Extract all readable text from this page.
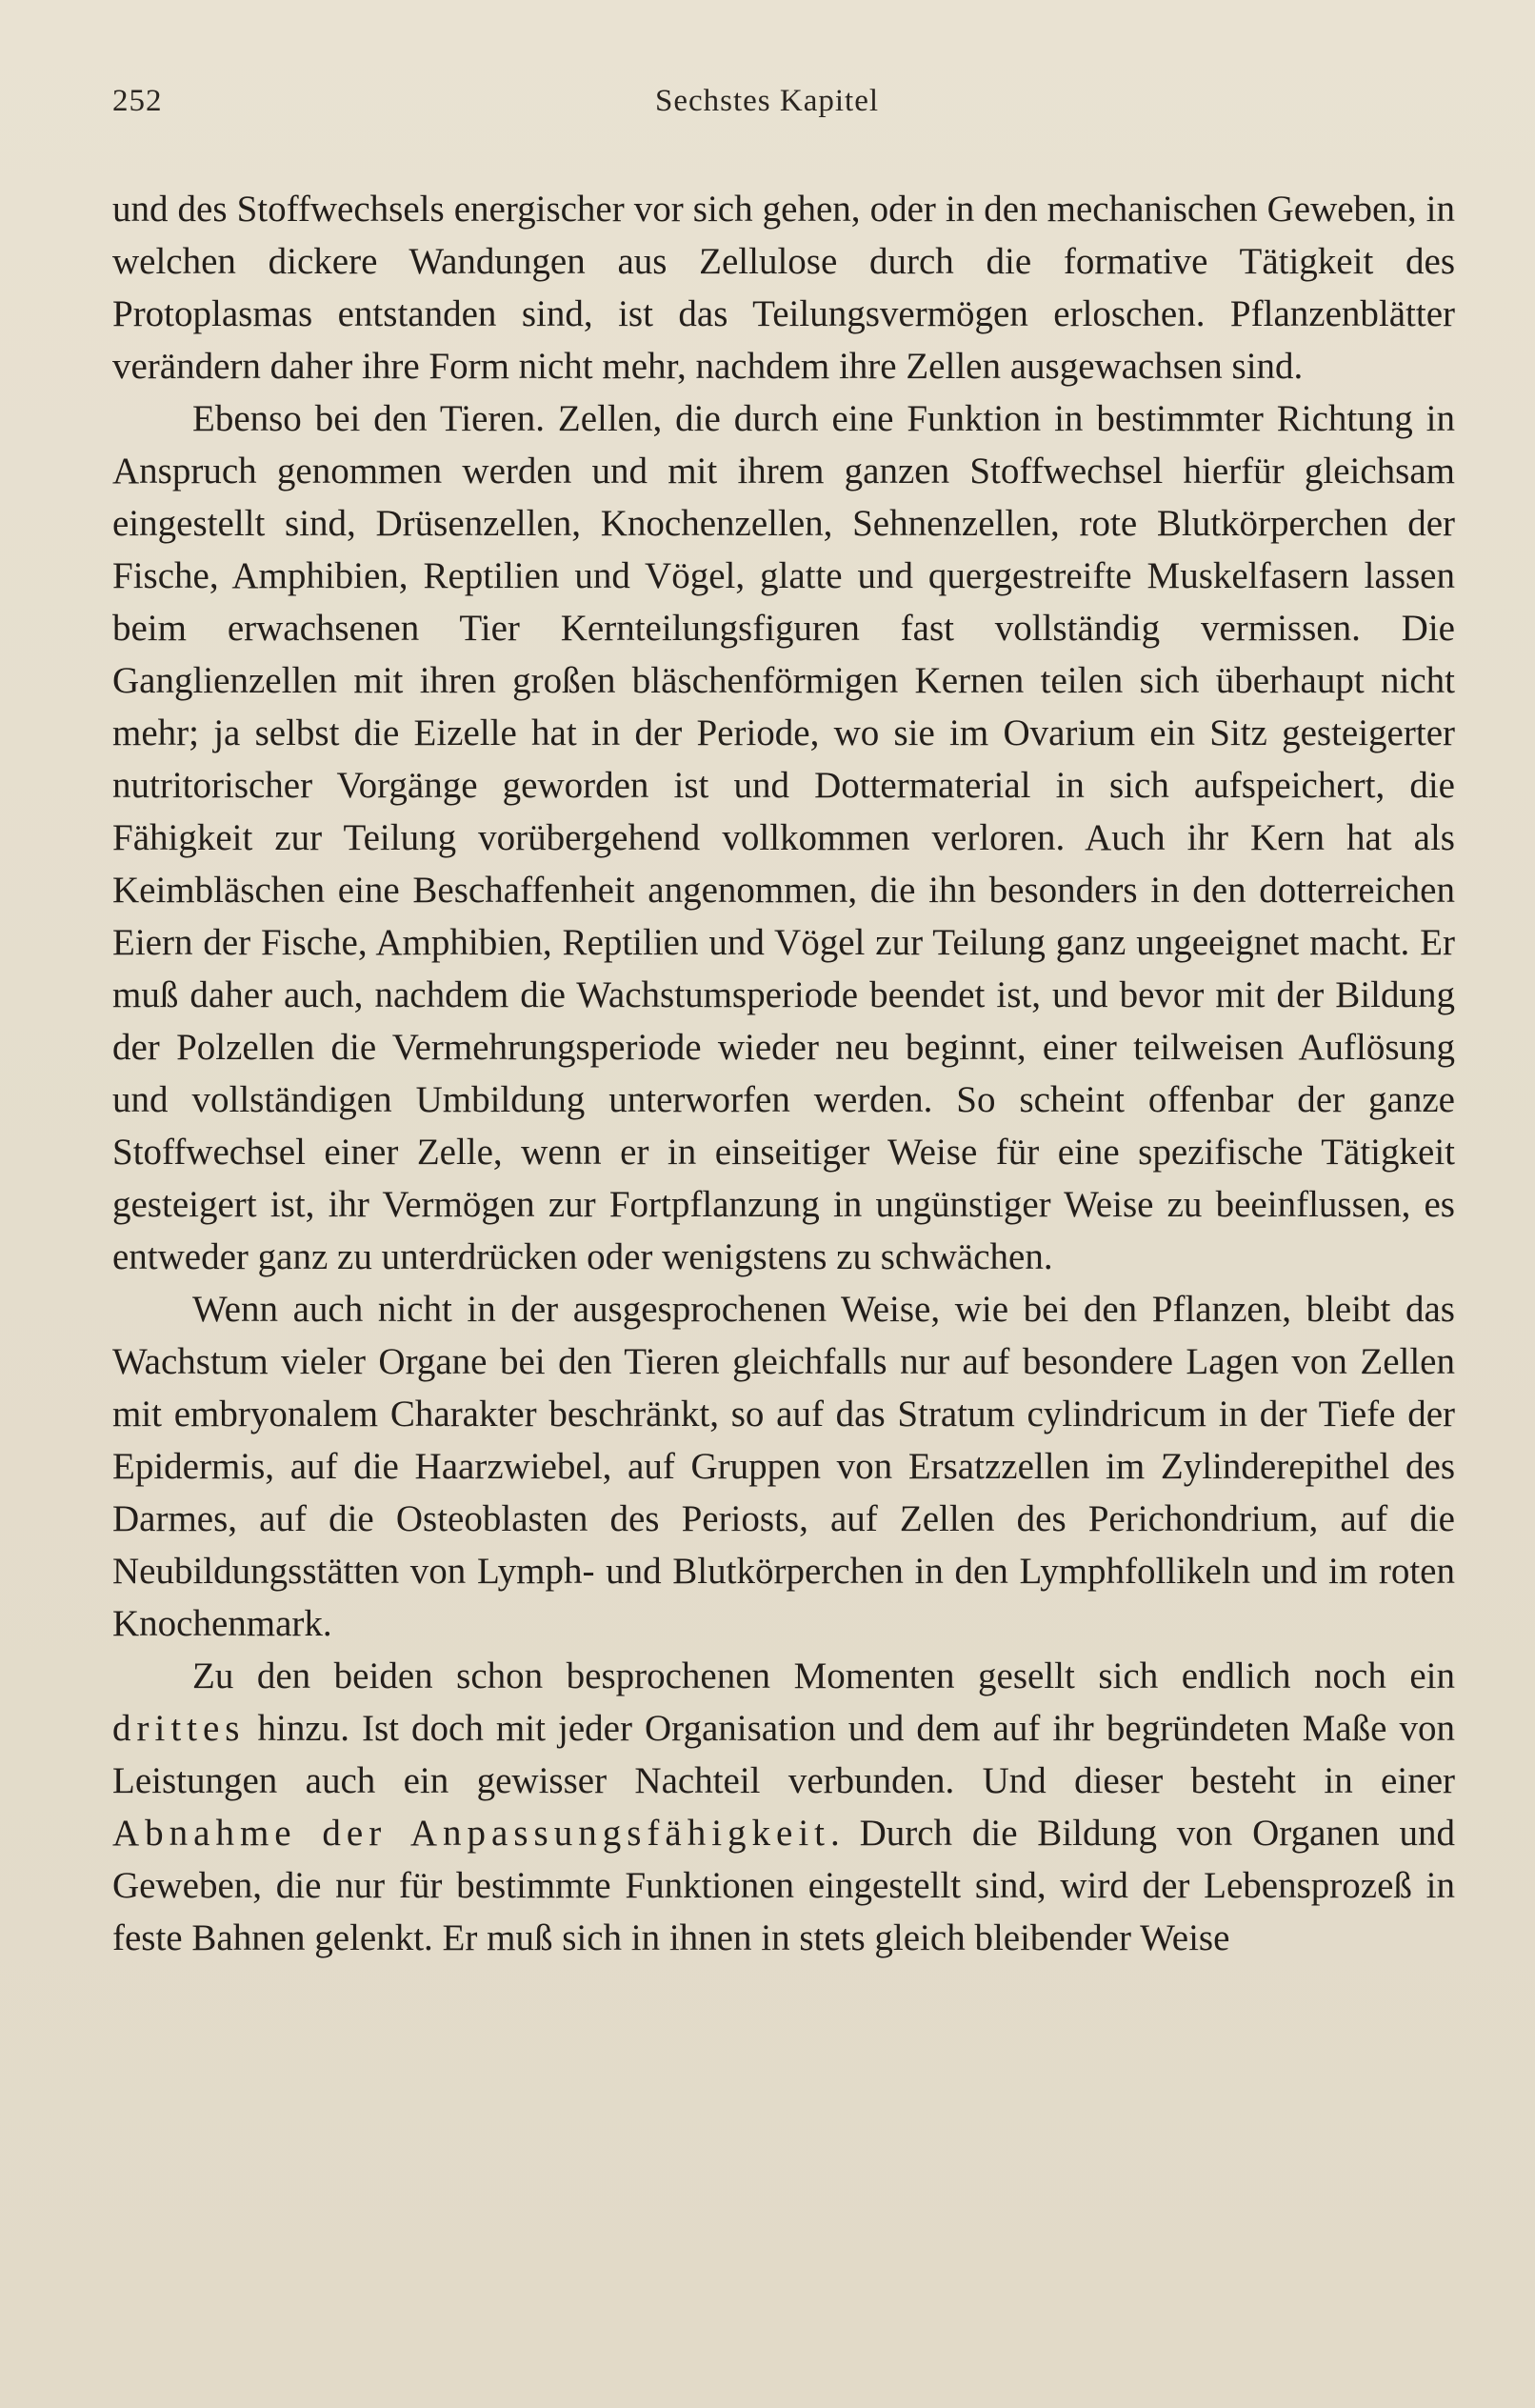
252	Sechstes Kapitel

und des Stoffwechsels energischer vor sich gehen, oder in den mechanischen Geweben, in welchen dickere Wandungen aus Zellulose durch die formative Tätigkeit des Protoplasmas entstanden sind, ist das Teilungsvermögen erloschen. Pflanzenblätter verändern daher ihre Form nicht mehr, nachdem ihre Zellen ausgewachsen sind.

Ebenso bei den Tieren. Zellen, die durch eine Funktion in bestimmter Richtung in Anspruch genommen werden und mit ihrem ganzen Stoffwechsel hierfür gleichsam eingestellt sind, Drüsenzellen, Knochenzellen, Sehnenzellen, rote Blutkörperchen der Fische, Amphibien, Reptilien und Vögel, glatte und quergestreifte Muskelfasern lassen beim erwachsenen Tier Kernteilungsfiguren fast vollständig vermissen. Die Ganglienzellen mit ihren großen bläschenförmigen Kernen teilen sich überhaupt nicht mehr; ja selbst die Eizelle hat in der Periode, wo sie im Ovarium ein Sitz gesteigerter nutritorischer Vorgänge geworden ist und Dottermaterial in sich aufspeichert, die Fähigkeit zur Teilung vorübergehend vollkommen verloren. Auch ihr Kern hat als Keimbläschen eine Beschaffenheit angenommen, die ihn besonders in den dotterreichen Eiern der Fische, Amphibien, Reptilien und Vögel zur Teilung ganz ungeeignet macht. Er muß daher auch, nachdem die Wachstumsperiode beendet ist, und bevor mit der Bildung der Polzellen die Vermehrungsperiode wieder neu beginnt, einer teilweisen Auflösung und vollständigen Umbildung unterworfen werden. So scheint offenbar der ganze Stoffwechsel einer Zelle, wenn er in einseitiger Weise für eine spezifische Tätigkeit gesteigert ist, ihr Vermögen zur Fortpflanzung in ungünstiger Weise zu beeinflussen, es entweder ganz zu unterdrücken oder wenigstens zu schwächen.

Wenn auch nicht in der ausgesprochenen Weise, wie bei den Pflanzen, bleibt das Wachstum vieler Organe bei den Tieren gleichfalls nur auf besondere Lagen von Zellen mit embryonalem Charakter beschränkt, so auf das Stratum cylindricum in der Tiefe der Epidermis, auf die Haarzwiebel, auf Gruppen von Ersatzzellen im Zylinderepithel des Darmes, auf die Osteoblasten des Periosts, auf Zellen des Perichondrium, auf die Neubildungsstätten von Lymph- und Blutkörperchen in den Lymphfollikeln und im roten Knochenmark.

Zu den beiden schon besprochenen Momenten gesellt sich endlich noch ein drittes hinzu. Ist doch mit jeder Organisation und dem auf ihr begründeten Maße von Leistungen auch ein gewisser Nachteil verbunden. Und dieser besteht in einer Abnahme der Anpassungsfähigkeit. Durch die Bildung von Organen und Geweben, die nur für bestimmte Funktionen eingestellt sind, wird der Lebensprozeß in feste Bahnen gelenkt. Er muß sich in ihnen in stets gleich bleibender Weise
